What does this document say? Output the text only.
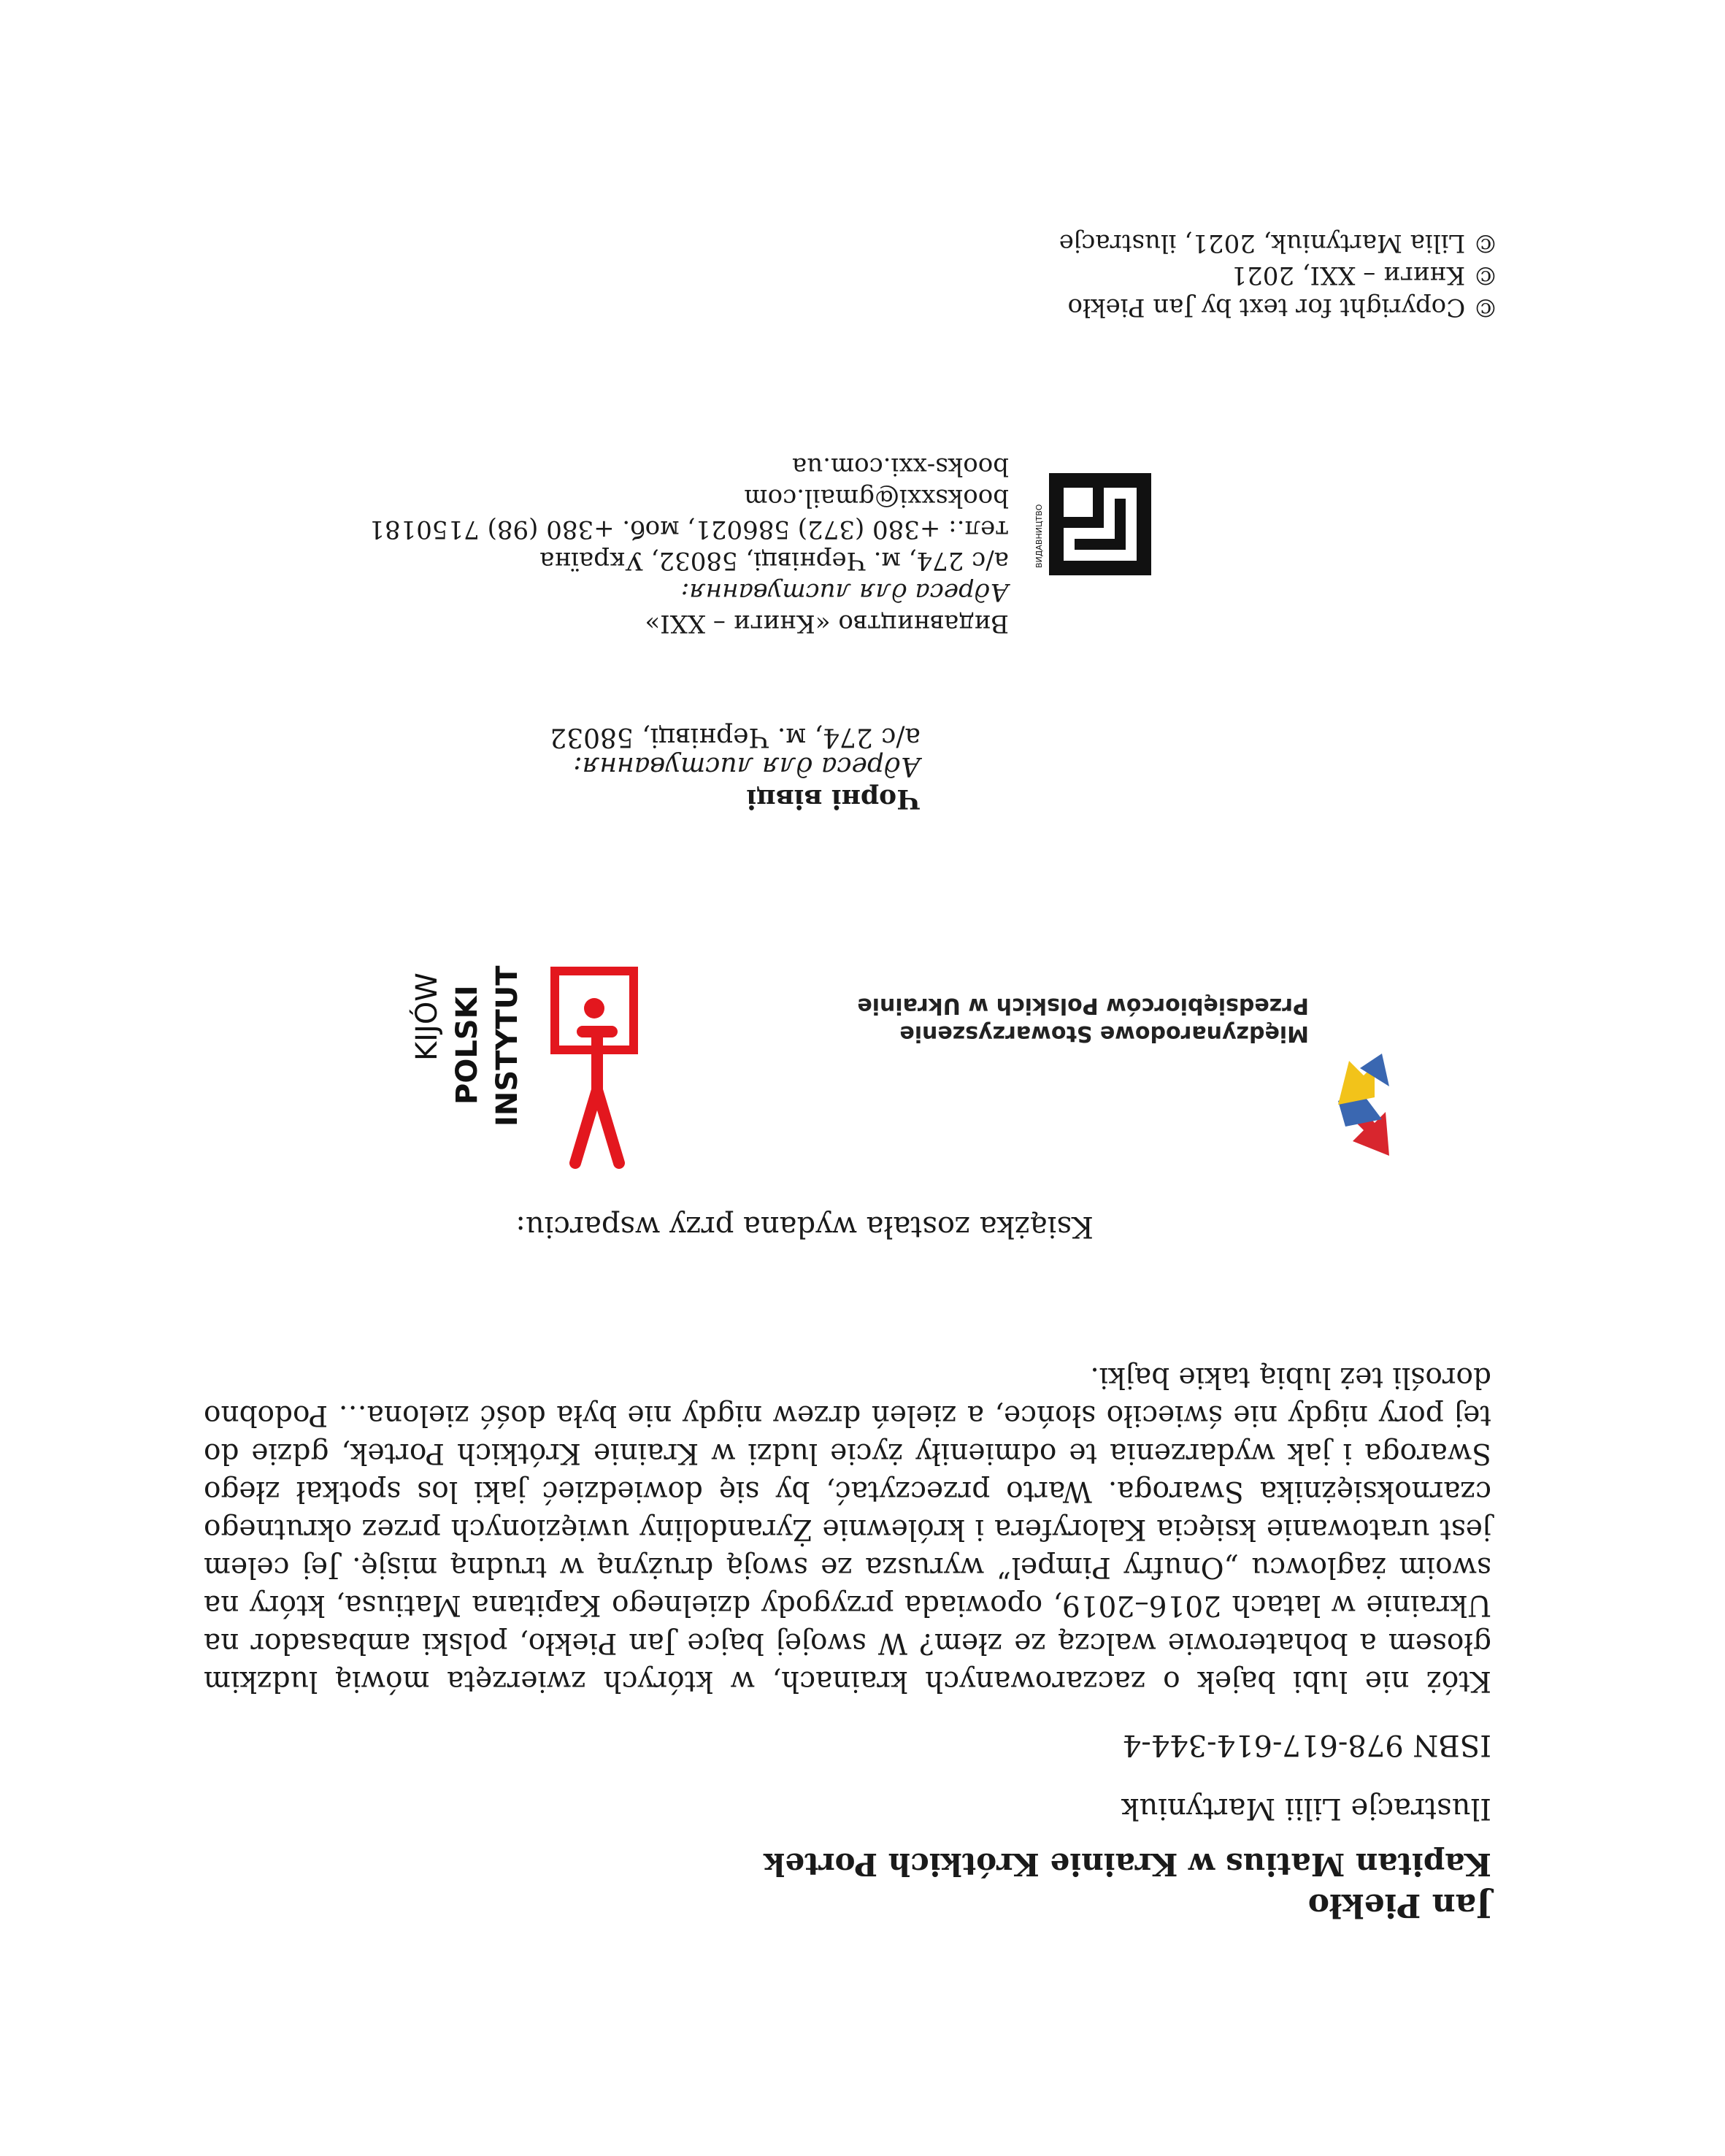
Jan Piekło
Kapitan Matius w Krainie Krótkich Portek
Ilustracje Lilii Martyniuk
ISBN 978-617-614-344-4
Któż nie lubi bajek o zaczarowanych krainach, w których zwierzęta mówią ludzkim głosem a bohaterowie walczą ze złem? W swojej bajce Jan Piekło, polski ambasador na Ukrainie w latach 2016–2019, opowiada przygody dzielnego Kapitana Matiusa, który na swoim żaglowcu „Onufry Pimpel” wyrusza ze swoją drużyną w trudną misję. Jej celem jest uratowanie księcia Kaloryfera i królewnie Żyrandoliny uwięzionych przez okrutnego czarnoksiężnika Swaroga. Warto przeczytać, by się dowiedzieć jaki los spotkał złego Swaroga i jak wydarzenia te odmieniły życie ludzi w Krainie Krótkich Portek, gdzie do tej pory nigdy nie świeciło słońce, a zieleń drzew nigdy nie była dość zielona… Podobno dorośli też lubią takie bajki.
Książka została wydana przy wsparciu:
INSTYTUT
POLSKI
KIJÓW	Międzynarodowe Stowarzyszenie
Przedsiębiorców Polskich w Ukrainie
Чорні вівці
Адреса для листування:
а/с 274, м. Чернівці, 58032
ВИДАВНИЦТВО
Видавництво «Книги – ХХІ»
Адреса для листування:
а/с 274, м. Чернівці, 58032, Україна
тел.: +380 (372) 586021, моб. +380 (98) 7150181
booksxxi@gmail.com
books-xxi.com.ua
© Copyright for text by Jan Piekło
© Книги – ХХІ, 2021
© Lilia Martyniuk, 2021, ilustracje
